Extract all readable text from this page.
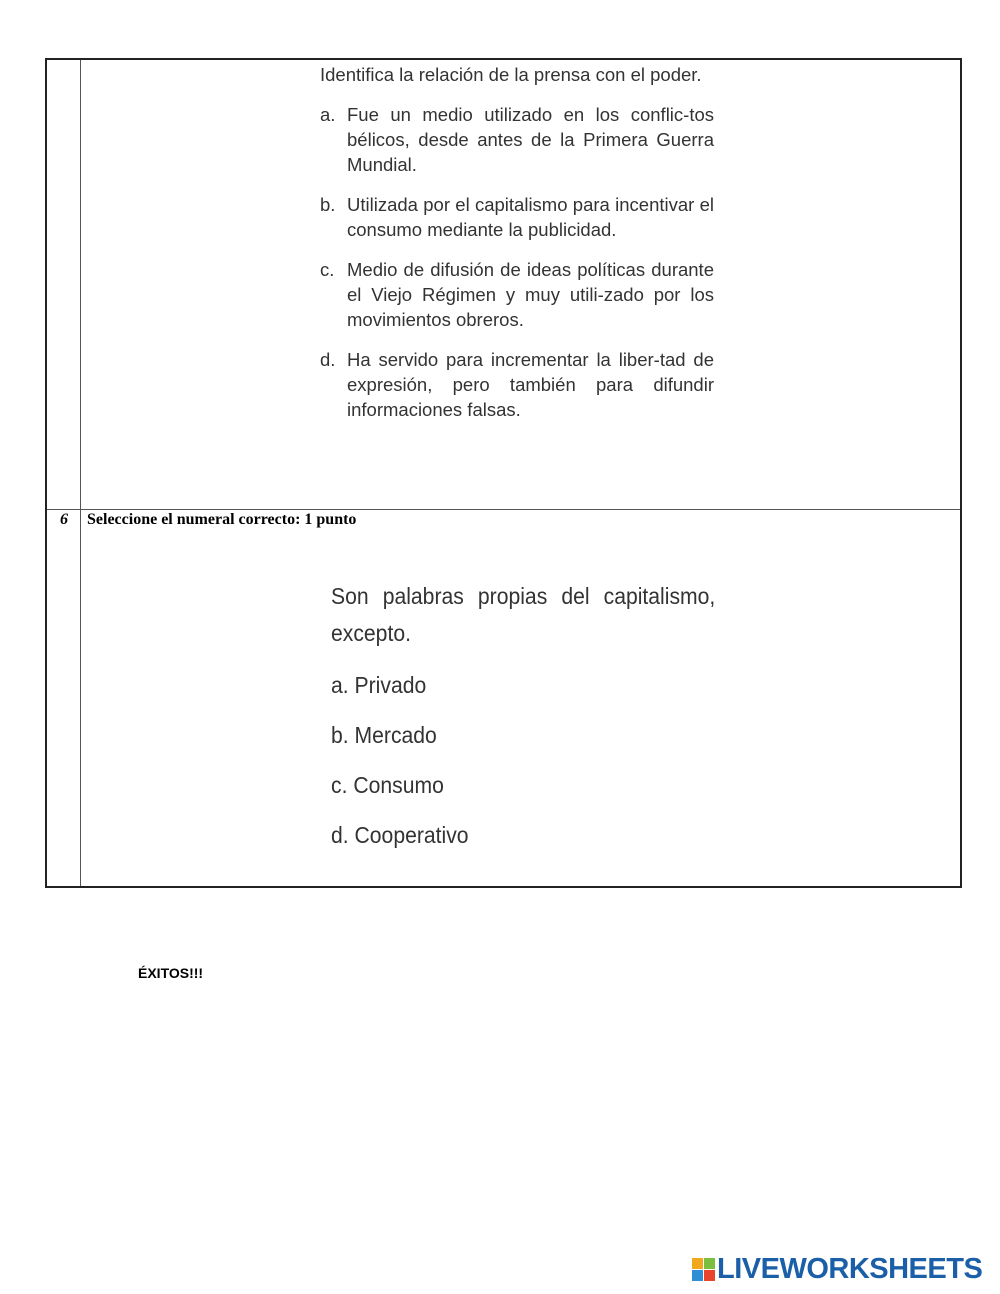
6 Seleccione el numeral correcto: 1 punto
Identifica la relación de la prensa con el poder.
a. Fue un medio utilizado en los conflic-tos bélicos, desde antes de la Primera Guerra Mundial.
b. Utilizada por el capitalismo para incentivar el consumo mediante la publicidad.
c. Medio de difusión de ideas políticas durante el Viejo Régimen y muy utili-zado por los movimientos obreros.
d. Ha servido para incrementar la liber-tad de expresión, pero también para difundir informaciones falsas.
Son palabras propias del capitalismo, excepto.
a. Privado
b. Mercado
c. Consumo
d. Cooperativo
ÉXITOS!!!
LIVEWORKSHEETS
